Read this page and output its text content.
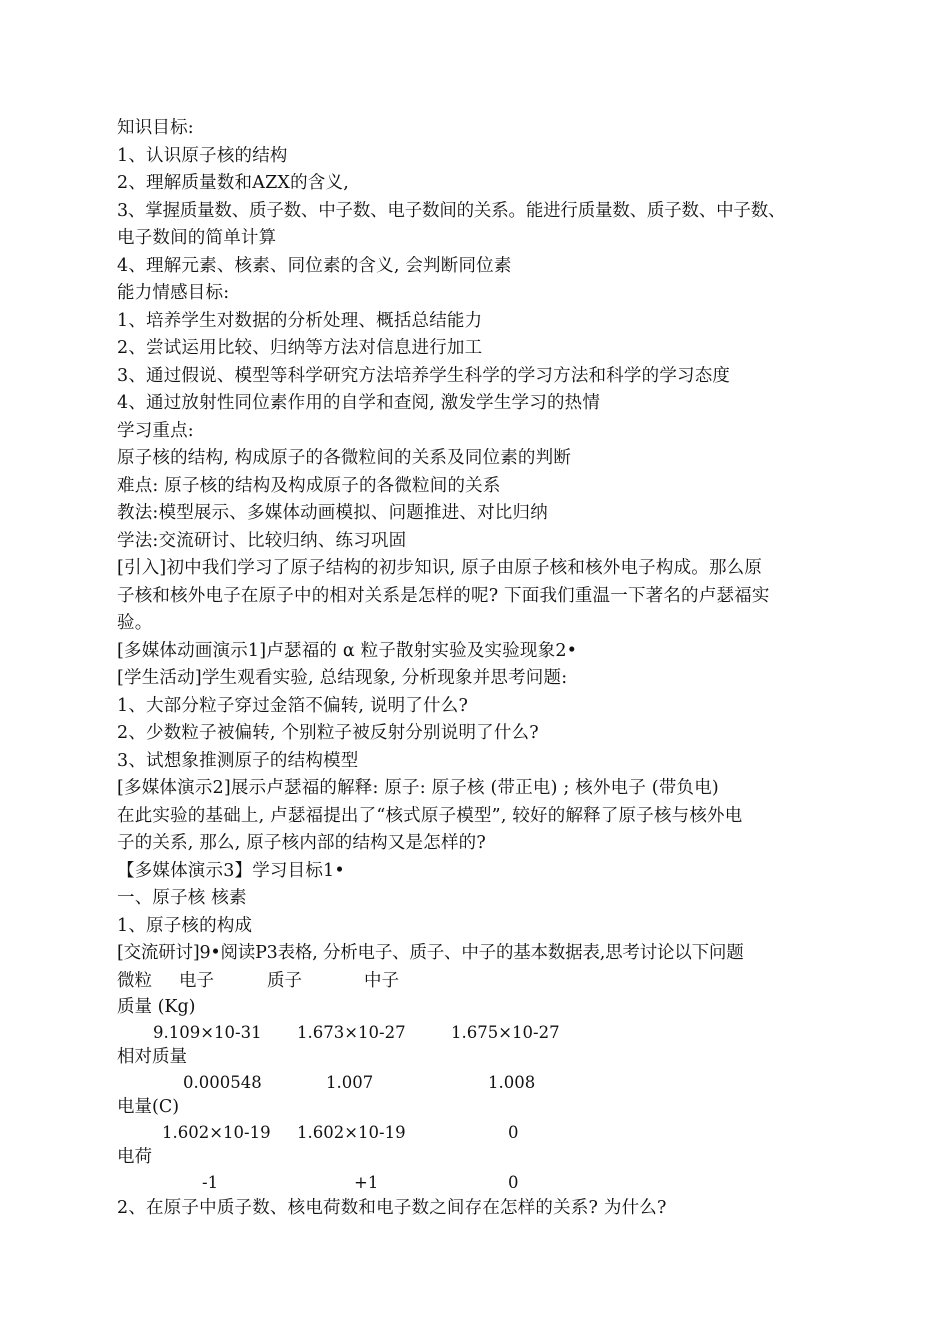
知识目标:
1、认识原子核的结构
2、理解质量数和AZX的含义,
3、掌握质量数、质子数、中子数、电子数间的关系。能进行质量数、质子数、中子数、
电子数间的简单计算
4、理解元素、核素、同位素的含义, 会判断同位素
能力情感目标:
1、培养学生对数据的分析处理、概括总结能力
2、尝试运用比较、归纳等方法对信息进行加工
3、通过假说、模型等科学研究方法培养学生科学的学习方法和科学的学习态度
4、通过放射性同位素作用的自学和查阅, 激发学生学习的热情
学习重点:
原子核的结构, 构成原子的各微粒间的关系及同位素的判断
难点: 原子核的结构及构成原子的各微粒间的关系
教法:模型展示、多媒体动画模拟、问题推进、对比归纳
学法:交流研讨、比较归纳、练习巩固
[引入]初中我们学习了原子结构的初步知识, 原子由原子核和核外电子构成。那么原
子核和核外电子在原子中的相对关系是怎样的呢? 下面我们重温一下著名的卢瑟福实
验。
[多媒体动画演示1]卢瑟福的 α 粒子散射实验及实验现象2•
[学生活动]学生观看实验, 总结现象, 分析现象并思考问题:
1、大部分粒子穿过金箔不偏转, 说明了什么?
2、少数粒子被偏转, 个别粒子被反射分别说明了什么?
3、试想象推测原子的结构模型
[多媒体演示2]展示卢瑟福的解释: 原子: 原子核 (带正电) ; 核外电子 (带负电)
在此实验的基础上, 卢瑟福提出了“核式原子模型”, 较好的解释了原子核与核外电
子的关系, 那么, 原子核内部的结构又是怎样的?
【多媒体演示3】学习目标1•
一、原子核 核素
1、原子核的构成
[交流研讨]9•阅读P3表格, 分析电子、质子、中子的基本数据表,思考讨论以下问题
微粒 电子	质子	中子
质量 (Kg)
9.109×10-31 1.673×10-27	1.675×10-27
相对质量
0.000548	1.007	1.008
电量(C)
1.602×10-19 1.602×10-19	0
电荷
-1	+1	0
2、在原子中质子数、核电荷数和电子数之间存在怎样的关系? 为什么?
